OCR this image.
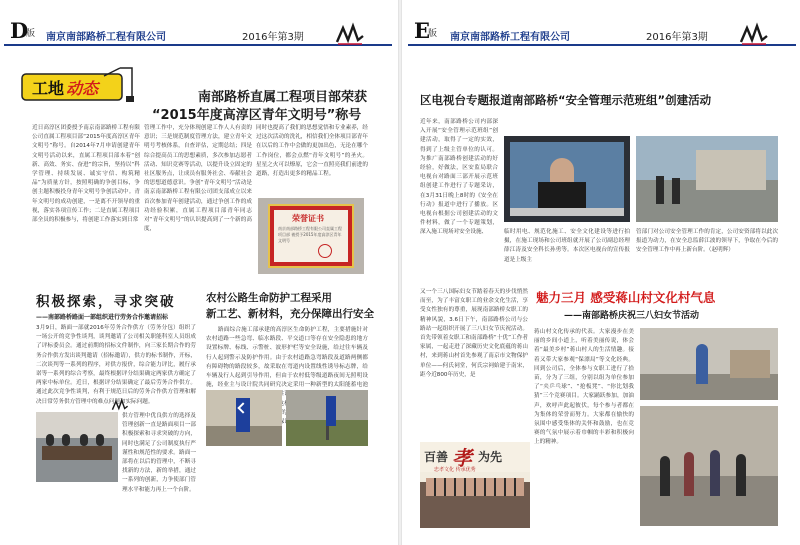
D
版 南京南部路桥工程有限公司	2016年第3期
工地 动态	南部路桥直属工程项目部荣获
“2015年度高淳区青年文明号”称号
近日高淳区团委授予南京南部路桥工程有限公司直属工程项目部“2015年度高淳区青年文明号”称号。自2014年7月申请创建青年文明号活动以来，直属工程项目部本着“创新、高效、务实、奋进”的宗旨，坚持以“科学管理、持续发展、诚实守信、构筑精品”为质量方针，按照明确的争创目标，争创主题积极投身青年文明号争创活动中。青年文明号的成功创建，一是离不开领导的重视，落实各项宣传工作；二是直属工程项目部全员的积极参与，将创建工作落实到日常
管理工作中，充分体现创建工作人人有责的意识；三是规范制度管理方法，建立青年文明号考核体系，自查评估，定期总结；四是综合提高员工的思想素质，多次参加志愿者活动、知识竞赛等活动，以提升设立固定的社区服务点，让成员有服务社会、奉献社会的思想道德意识。争创“青年文明号”活动是南京南部路桥工程有限公司团支部成立以来首次参加青年创建活动，通过争创工作的成功经验积累，直属工程项目部青年同志对“青年文明号”的认识提高到了一个新的高度，
同时也提高了我们的思想觉悟和专业素养，经过这次活动的洗礼，相信我们全体项目部青年在以后的工作中会做的更加出色，无论在哪个工作岗位，都会点燃“青年文明号”的圣火。星星之火可以燎原，它会一直照亮我们前进的道路，打造出更多的精品工程。
荣誉证书
南京南部路桥工程有限公司直属工程项目部 被授予2015年度高淳区青年文明号
积极探索，寻求突破
——南部路桥路面一部组织进行劳务合作邀请招标
3月9日，路面一部就2016年劳务合作供方（劳务分包）组织了一场公开的竞争性谈判，谈判邀请了公司相关职能科室人员组成了评标委员会。通过前期的招标文件制作，向三家长期合作的劳务合作供方发出谈判邀请（招标邀请），供方的标书制作，开标，二次谈判等一系列的程序，对供方报价，综合能力评比，履行承诺等一系列的综合考察，最终根据评分结果确定两家供方确定了两家中标单位。近日，根据评分结果确定了最后劳务合作供方。通过此次竞争性谈判，有利于规范日后的劳务合作供方管理和解决日常劳务供方管理中的难点问题和实际问题。
供方管理中优良供方的选择及管理创新一直是路面项目一部积极探索和寻求突破的方向，同时也满足了公司制度执行严谨性和规范性的要求。路面一部将在以后的管理中，不断寻找新的方法，新的举措，通过一系列的创新，力争使部门管理水平和能力再上一个台阶。
农村公路生命防护工程采用
新工艺、新材料，充分保障出行安全
路面综合施工部承建的高淳区生命防护工程，主要措施针对农村道路一些急弯、临水路段、平交道口等存在安全隐患的地方设置标牌、标线、示警桩、波形护栏等安全设施，给过往车辆及行人起到警示及防护作用。由于农村道路急弯路段及道路两侧都有障碍物的路段较多，故采取在弯道内设置线性诱导标志牌，给车辆及行人起到引导作用，但由于农村低等级道路夜间无照明设施，经业主与设计院共同研究决定采用一种新型的太阳能蓄电池 这样 亮化的线性
E
版 南京南部路桥工程有限公司	2016年第3期
区电视台专题报道南部路桥“安全管理示范班组”创建活动
近年来，南部路桥公司内部深入开展“安全管理示范班组”创建活动，取得了一定的实效，得到了上级主管单位的认可。为推广南部路桥创建活动的好经验，好做法，区安监局联合电视台对路面三部开展示范班组创建工作进行了专题采访，在3月31日晚上8时的《安全在行动》报道中进行了播放。区电视台根据公司创建活动的文件材料，做了一个专题策划，深入施工现场对安全设施、	临时用电、规范化施工、安全文化建设等进行拍摄，在施工现场和公司班组就开展了公司副总经理薛江涛及安全科长孙勇等。本次区电视台的宣传报道是上级主
管部门对公司安全管理工作的肯定，公司安资部将以此次报道为动力，在安全总监薛江波的领导下，争取在今后的安全管理工作中再上新台阶。（赵明辉）
魅力三月 感受蒋山村文化村气息
——南部路桥庆祝三八妇女节活动
又一个三八国际妇女节踏着春天的步伐悄然而至，为了丰富女职工的业余文化生活，享受女性独有的尊重，展现南部路桥女职工的精神风貌，3.6日下午，南部路桥公司与公路站一起组织开展了三八妇女节庆祝活动。首先带领着女职工和南部路桥“十优”工作者家属，一起走进了深藏历史文化底蕴的蒋山村，来到蒋山村首先参观了南京市文物保护单位——何氏祠堂，何氏宗祠始建于南宋，距今近800年历史，是
蒋山村文化传承的代表。大家漫步在美丽的乡间小道上，听着美丽传说，体会着“最美乡村”蒋山村人的生活情趣。接着又带大家参观“保漂局”等文化经典。回到公司后，全体参与女职工进行了拾苗，分为了三组，分别以组为单位参加了“夹乒乓球”、“抢板凳”、“你比划我猜”三个竞赛项目。大家踊跃参加，加油声，欢呼声此起彼伏，每个参与者都在为集体的荣誉而努力。大家都在愉快的氛围中感受集体的关怀和鼓励，也在竞赛的气氛中展示着巾帼的丰彩和积极向上的精神。
百善 孝 为先
忠孝文化 传承优秀
